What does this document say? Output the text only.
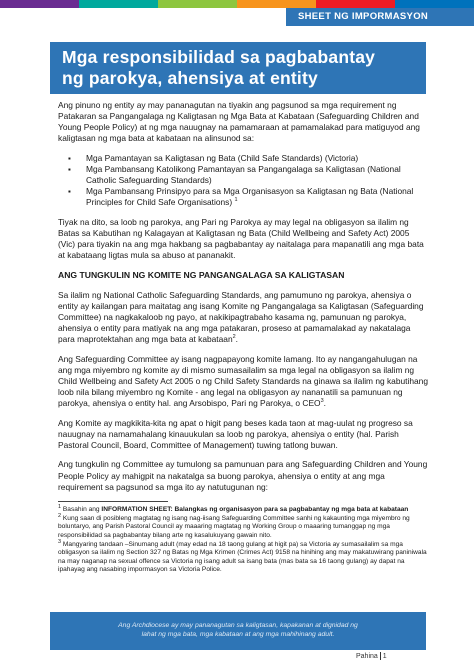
SHEET NG IMPORMASYON
Mga responsibilidad sa pagbabantay
ng parokya, ahensiya at entity

Ang pinuno ng entity ay may pananagutan na tiyakin ang pagsunod sa mga requirement ng Patakaran sa Pangangalaga ng Kaligtasan ng Mga Bata at Kabataan (Safeguarding Children and Young People Policy) at ng mga nauugnay na pamamaraan at pamamalakad para matiguyod ang kaligtasan ng mga bata at kabataan na alinsunod sa:

▪ Mga Pamantayan sa Kaligtasan ng Bata (Child Safe Standards) (Victoria)
▪ Mga Pambansang Katolikong Pamantayan sa Pangangalaga sa Kaligtasan (National Catholic Safeguarding Standards)
▪ Mga Pambansang Prinsipyo para sa Mga Organisasyon sa Kaligtasan ng Bata (National Principles for Child Safe Organisations) $^1$

Tiyak na dito, sa loob ng parokya, ang Pari ng Parokya ay may legal na obligasyon sa ilalim ng Batas sa Kabutihan ng Kalagayan at Kaligtasan ng Bata (Child Wellbeing and Safety Act) 2005 (Vic) para tiyakin na ang mga hakbang sa pagbabantay ay naitalaga para mapanatili ang mga bata at kabataang ligtas mula sa abuso at pananakit.

ANG TUNGKULIN NG KOMITE NG PANGANGALAGA SA KALIGTASAN

Sa ilalim ng National Catholic Safeguarding Standards, ang pamumuno ng parokya, ahensiya o entity ay kailangan para maitatag ang isang Komite ng Pangangalaga sa Kaligtasan (Safeguarding Committee) na nagkakaloob ng payo, at nakikipagtrabaho kasama ng, pamunuan ng parokya, ahensiya o entity para matiyak na ang mga patakaran, proseso at pamamalakad ay nakatalaga para maprotektahan ang mga bata at kabataan$^2$.

Ang Safeguarding Committee ay isang nagpapayong komite lamang. Ito ay nangangahulugan na ang mga miyembro ng komite ay di mismo sumasailalim sa mga legal na obligasyon sa ilalim ng Child Wellbeing and Safety Act 2005 o ng Child Safety Standards na ginawa sa ilalim ng kabutihang loob nila bilang miyembro ng Komite - ang legal na obligasyon ay nananatili sa pamunuan ng parokya, ahensiya o entity hal. ang Arsobispo, Pari ng Parokya, o CEO$^3$.

Ang Komite ay magkikita-kita ng apat o higit pang beses kada taon at mag-uulat ng progreso sa nauugnay na namamahalang kinauukulan sa loob ng parokya, ahensiya o entity (hal. Parish Pastoral Council, Board, Committee of Management) tuwing tatlong buwan.

Ang tungkulin ng Committee ay tumulong sa pamunuan para ang Safeguarding Children and Young People Policy ay mahigpit na nakatalga sa buong parokya, ahensiya o entity at ang mga requirement sa pagsunod sa mga ito ay natutugunan ng:

$^1$ Basahin ang INFORMATION SHEET: Balangkas ng organisasyon para sa pagbabantay ng mga bata at kabataan
$^2$ Kung saan di posibleng magtatag ng isang nag-iisang Safeguarding Committee sanhi ng kakaunting mga miyembro ng boluntaryo, ang Parish Pastoral Council ay maaaring magtatag ng Working Group o maaaring tumanggap ng mga responsibilidad sa pagbabantay bilang arte ng kasalukuyang gawain nito.
$^3$ Mangyaring tandaan –Sinumang adult (may edad na 18 taong gulang at higit pa) sa Victoria ay sumasailalim sa mga obligasyon sa ilalim ng Section 327 ng Batas ng Mga Krimen (Crimes Act) 9158 na hinihing ang may makatuwirang paniniwala na may naganap na sexual offence sa Victoria ng isang adult sa isang bata (mas bata sa 16 taong gulang) ay dapat na ipahayag ang nasabing impormasyon sa Victoria Police.
Ang Archdiocese ay may pananagutan sa kaligtasan, kapakanan at dignidad ng
lahat ng mga bata, mga kabataan at ang mga mahihinang adult.
Pahina 1
